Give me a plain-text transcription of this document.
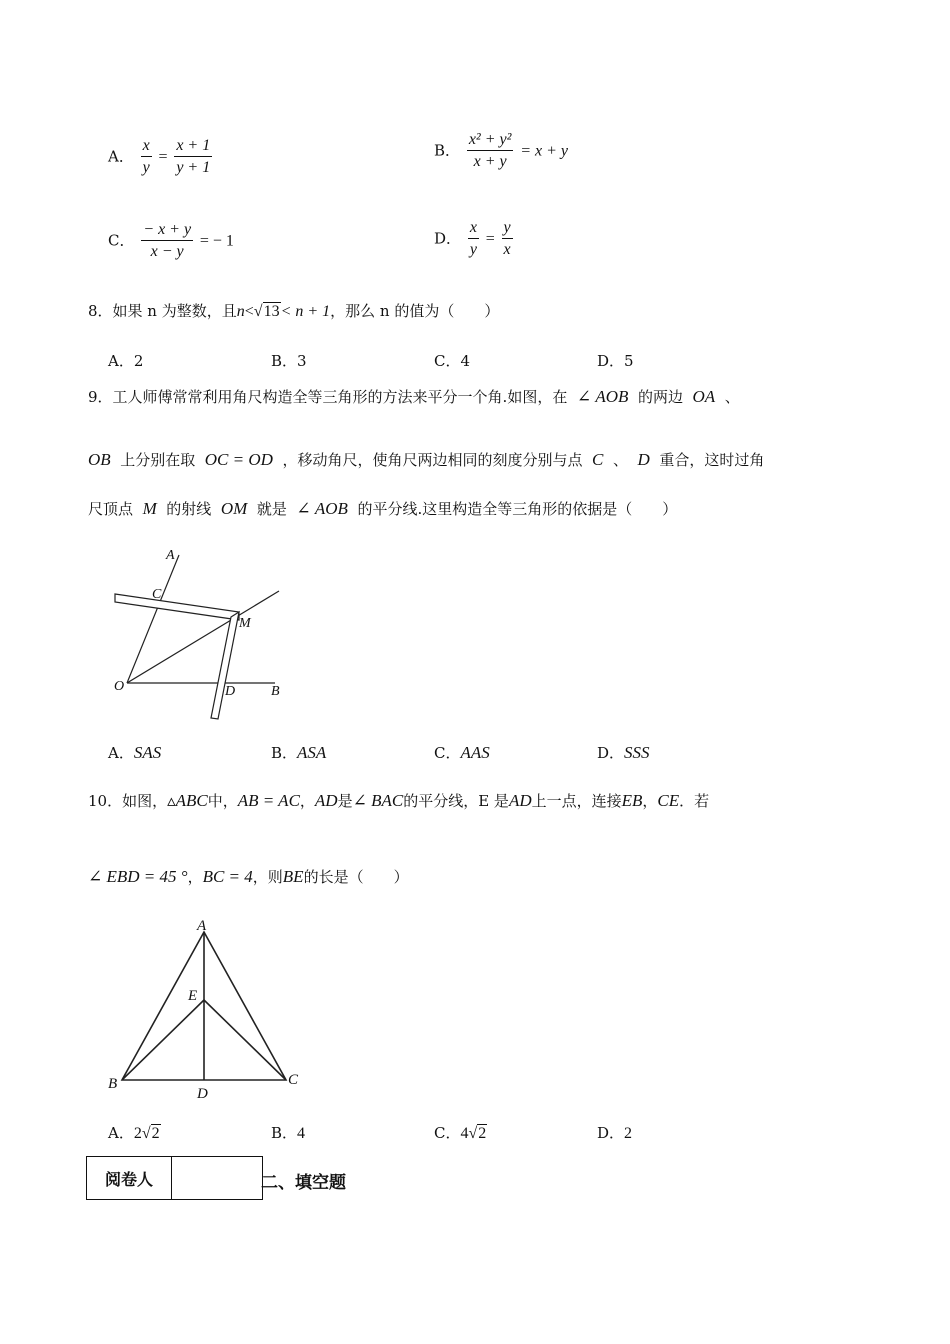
A． $\frac{x}{y} = \frac{x + 1}{y + 1}$	B． $\frac{\text{x² + y²}}{x + y} = x + y$
C． $\frac{- x + y}{x - y}$ = − 1	D． $\frac{x}{y} = \frac{y}{x}$
8．如果 n 为整数，且n<√13< n + 1，那么 n 的值为（　　）
A．2	B．3	C．4	D．5
9．工人师傅常常利用角尺构造全等三角形的方法来平分一个角.如图，在 ∠ AOB 的两边 OA 、
OB 上分别在取 OC = OD ，移动角尺，使角尺两边相同的刻度分别与点 C 、 D 重合，这时过角
尺顶点 M 的射线 OM 就是 ∠ AOB 的平分线.这里构造全等三角形的依据是（　　）
A
C
M
O	D	B
A．SAS	B．ASA	C．AAS	D．SSS
10．如图，▵ABC中，AB = AC，AD是∠ BAC的平分线，E 是AD上一点，连接EB，CE．若
∠ EBD = 45 °，BC = 4，则BE的长是（　　）
A
E
B
D
C
A．2√2	B．4	C．4√2	D．2
阅卷人		二、填空题
